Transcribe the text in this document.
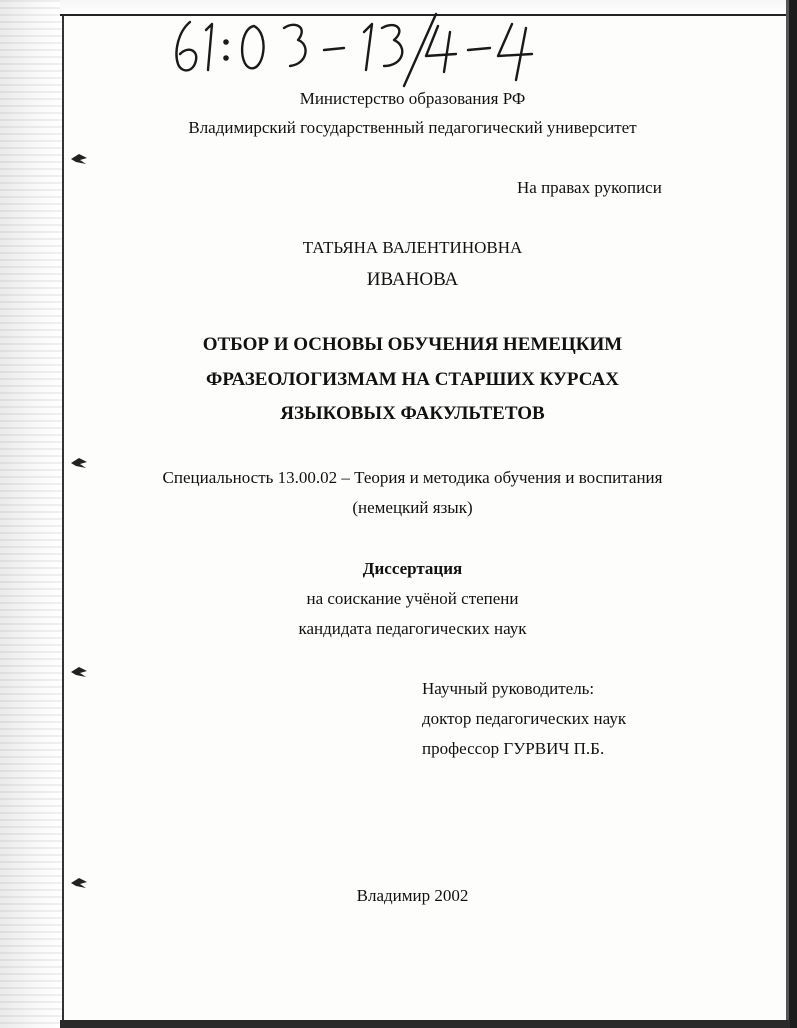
Министерство образования РФ
Владимирский государственный педагогический университет
На правах рукописи
ТАТЬЯНА ВАЛЕНТИНОВНА
ИВАНОВА
ОТБОР И ОСНОВЫ ОБУЧЕНИЯ НЕМЕЦКИМ
ФРАЗЕОЛОГИЗМАМ НА СТАРШИХ КУРСАХ
ЯЗЫКОВЫХ ФАКУЛЬТЕТОВ
Специальность 13.00.02 – Теория и методика обучения и воспитания
(немецкий язык)
Диссертация
на соискание учёной степени
кандидата педагогических наук
Научный руководитель:
доктор педагогических наук
профессор ГУРВИЧ П.Б.
Владимир 2002
